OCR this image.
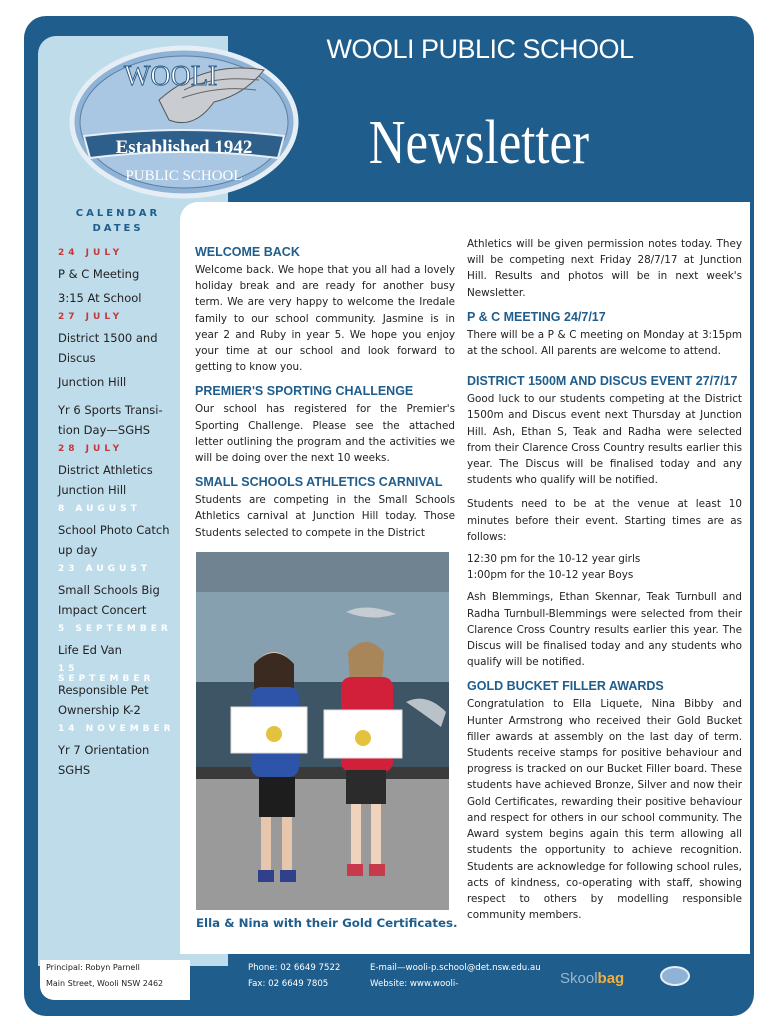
Established 1942
WOOLI
PUBLIC SCHOOL
WOOLI PUBLIC SCHOOL
Newsletter
WEEK 1 TERM 3	29 JUNE 2017
CALENDAR DATES
24 JULY
P & C Meeting
3:15 At School
27 JULY
District 1500 and Discus
Junction Hill
Yr 6 Sports Transi-tion Day—SGHS
28 JULY
District Athletics Junction Hill
8 AUGUST
School Photo Catch up day
23 AUGUST
Small Schools Big Impact Concert
5 SEPTEMBER
Life Ed Van
15 SEPTEMBER
Responsible Pet Ownership K-2
14 NOVEMBER
Yr 7 Orientation SGHS
WELCOME BACK

Welcome back. We hope that you all had a lovely holiday break and are ready for another busy term. We are very happy to welcome the Iredale family to our school community. Jasmine is in year 2 and Ruby in year 5. We hope you enjoy your time at our school and look forward to getting to know you.

PREMIER'S SPORTING CHALLENGE

Our school has registered for the Premier's Sporting Challenge. Please see the attached letter outlining the program and the activities we will be doing over the next 10 weeks.

SMALL SCHOOLS ATHLETICS CARNIVAL

Students are competing in the Small Schools Athletics carnival at Junction Hill today. Those Students selected to compete in the District

Ella & Nina with their Gold Certificates.

Athletics will be given permission notes today. They will be competing next Friday 28/7/17 at Junction Hill. Results and photos will be in next week's Newsletter.

P & C MEETING 24/7/17

There will be a P & C meeting on Monday at 3:15pm at the school. All parents are welcome to attend.

DISTRICT 1500M AND DISCUS EVENT 27/7/17

Good luck to our students competing at the District 1500m and Discus event next Thursday at Junction Hill. Ash, Ethan S, Teak and Radha were selected from their Clarence Cross Country results earlier this year. The Discus will be finalised today and any students who qualify will be notified.

Students need to be at the venue at least 10 minutes before their event. Starting times are as follows:

12:30 pm for the 10-12 year girls

1:00pm for the 10-12 year Boys

Ash Blemmings, Ethan Skennar, Teak Turnbull and Radha Turnbull-Blemmings were selected from their Clarence Cross Country results earlier this year. The Discus will be finalised today and any students who qualify will be notified.

GOLD BUCKET FILLER AWARDS

Congratulation to Ella Liquete, Nina Bibby and Hunter Armstrong who received their Gold Bucket filler awards at assembly on the last day of term. Students receive stamps for positive behaviour and progress is tracked on our Bucket Filler board. These students have achieved Bronze, Silver and now their Gold Certificates, rewarding their positive behaviour and respect for others in our school community. The Award system begins again this term allowing all students the opportunity to achieve recognition. Students are acknowledge for following school rules, acts of kindness, co-operating with staff, showing respect to others by modelling responsible community members.

Principal: Robyn Parnell
Main Street, Wooli NSW 2462
Phone: 02 6649 7522
Fax: 02 6649 7805
E-mail—wooli-p.school@det.nsw.edu.au
Website: www.wooli-	Skoolbag
